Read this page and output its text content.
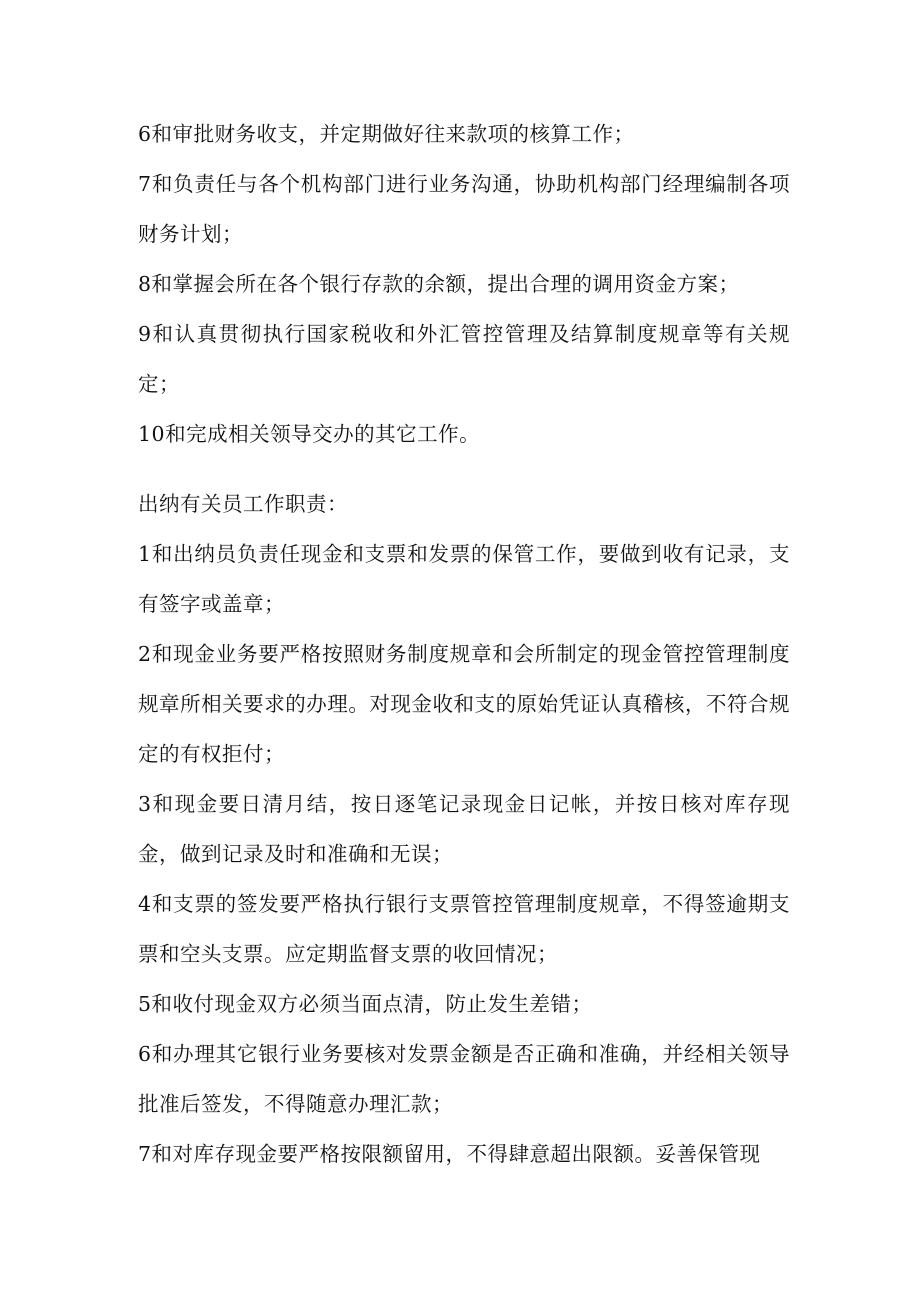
6和审批财务收支，并定期做好往来款项的核算工作；

7和负责任与各个机构部门进行业务沟通，协助机构部门经理编制各项财务计划；

8和掌握会所在各个银行存款的余额，提出合理的调用资金方案；

9和认真贯彻执行国家税收和外汇管控管理及结算制度规章等有关规定；

10和完成相关领导交办的其它工作。

出纳有关员工作职责：

1和出纳员负责任现金和支票和发票的保管工作，要做到收有记录，支有签字或盖章；

2和现金业务要严格按照财务制度规章和会所制定的现金管控管理制度规章所相关要求的办理。对现金收和支的原始凭证认真稽核，不符合规定的有权拒付；

3和现金要日清月结，按日逐笔记录现金日记帐，并按日核对库存现金，做到记录及时和准确和无误；

4和支票的签发要严格执行银行支票管控管理制度规章，不得签逾期支票和空头支票。应定期监督支票的收回情况；

5和收付现金双方必须当面点清，防止发生差错；

6和办理其它银行业务要核对发票金额是否正确和准确，并经相关领导批准后签发，不得随意办理汇款；

7和对库存现金要严格按限额留用，不得肆意超出限额。妥善保管现
